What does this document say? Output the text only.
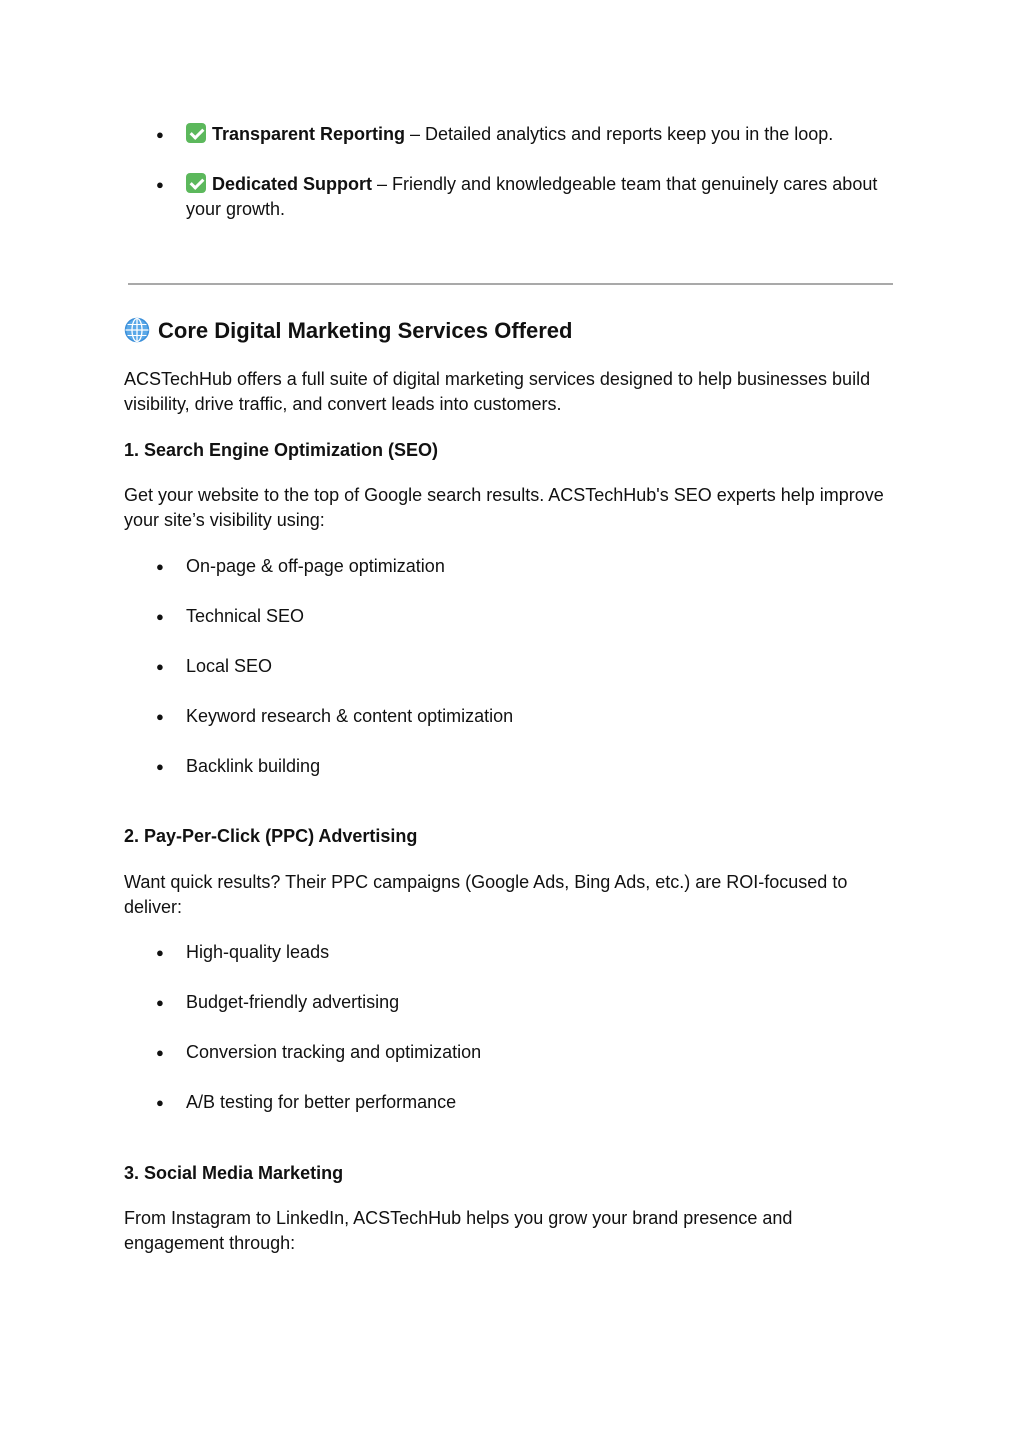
●	Transparent Reporting – Detailed analytics and reports keep you in the loop.
●	Dedicated Support – Friendly and knowledgeable team that genuinely cares about your growth.
Core Digital Marketing Services Offered
ACSTechHub offers a full suite of digital marketing services designed to help businesses build visibility, drive traffic, and convert leads into customers.
1. Search Engine Optimization (SEO)
Get your website to the top of Google search results. ACSTechHub's SEO experts help improve your site’s visibility using:
● On-page & off-page optimization
● Technical SEO
● Local SEO
● Keyword research & content optimization
● Backlink building
2. Pay-Per-Click (PPC) Advertising
Want quick results? Their PPC campaigns (Google Ads, Bing Ads, etc.) are ROI-focused to deliver:
● High-quality leads
● Budget-friendly advertising
● Conversion tracking and optimization
● A/B testing for better performance
3. Social Media Marketing
From Instagram to LinkedIn, ACSTechHub helps you grow your brand presence and engagement through:
